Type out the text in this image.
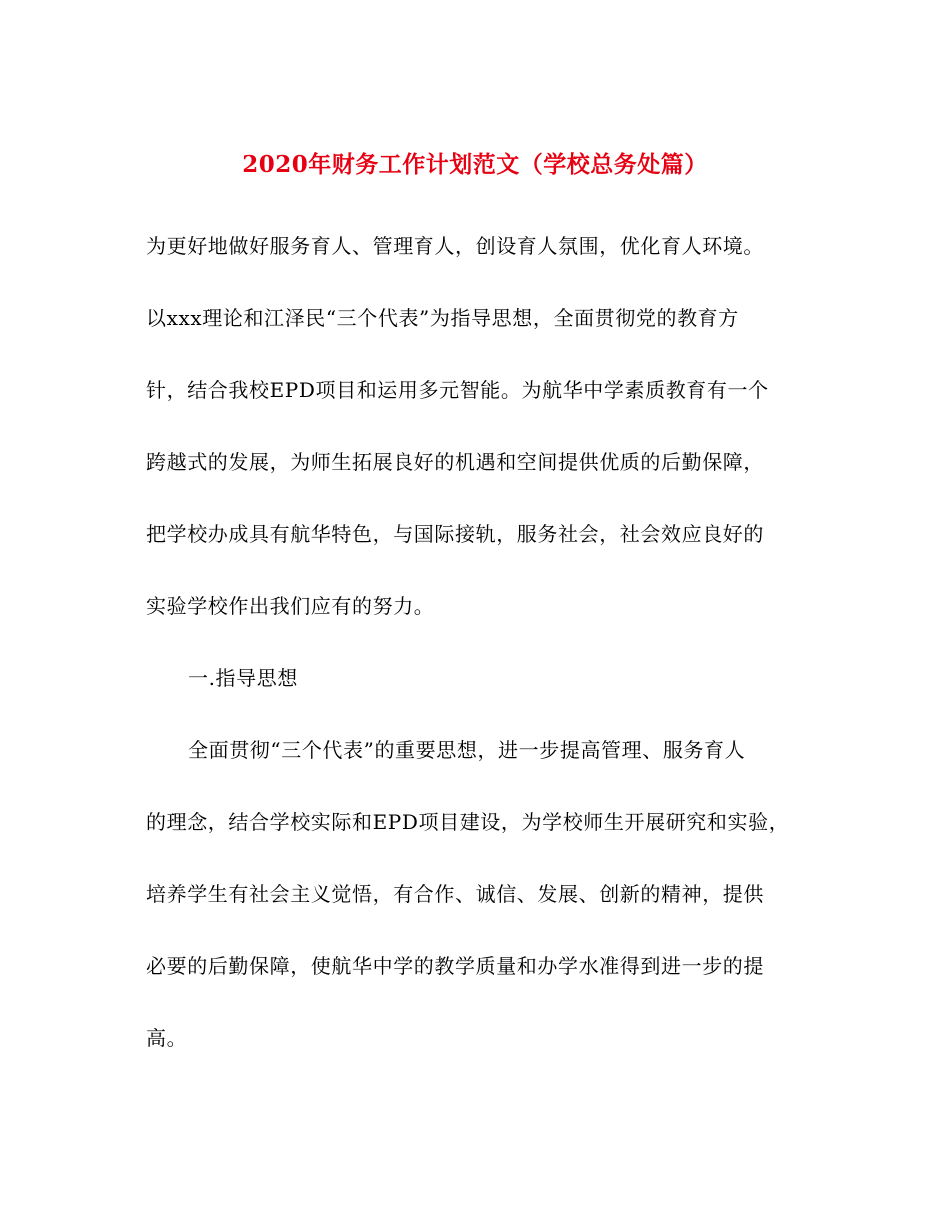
2020年财务工作计划范文（学校总务处篇）
为更好地做好服务育人、管理育人，创设育人氛围，优化育人环境。
以xxx理论和江泽民“三个代表”为指导思想，全面贯彻党的教育方
针，结合我校EPD项目和运用多元智能。为航华中学素质教育有一个
跨越式的发展，为师生拓展良好的机遇和空间提供优质的后勤保障，
把学校办成具有航华特色，与国际接轨，服务社会，社会效应良好的
实验学校作出我们应有的努力。
一.指导思想
全面贯彻“三个代表”的重要思想，进一步提高管理、服务育人
的理念，结合学校实际和EPD项目建设，为学校师生开展研究和实验，
培养学生有社会主义觉悟，有合作、诚信、发展、创新的精神，提供
必要的后勤保障，使航华中学的教学质量和办学水准得到进一步的提
高。
